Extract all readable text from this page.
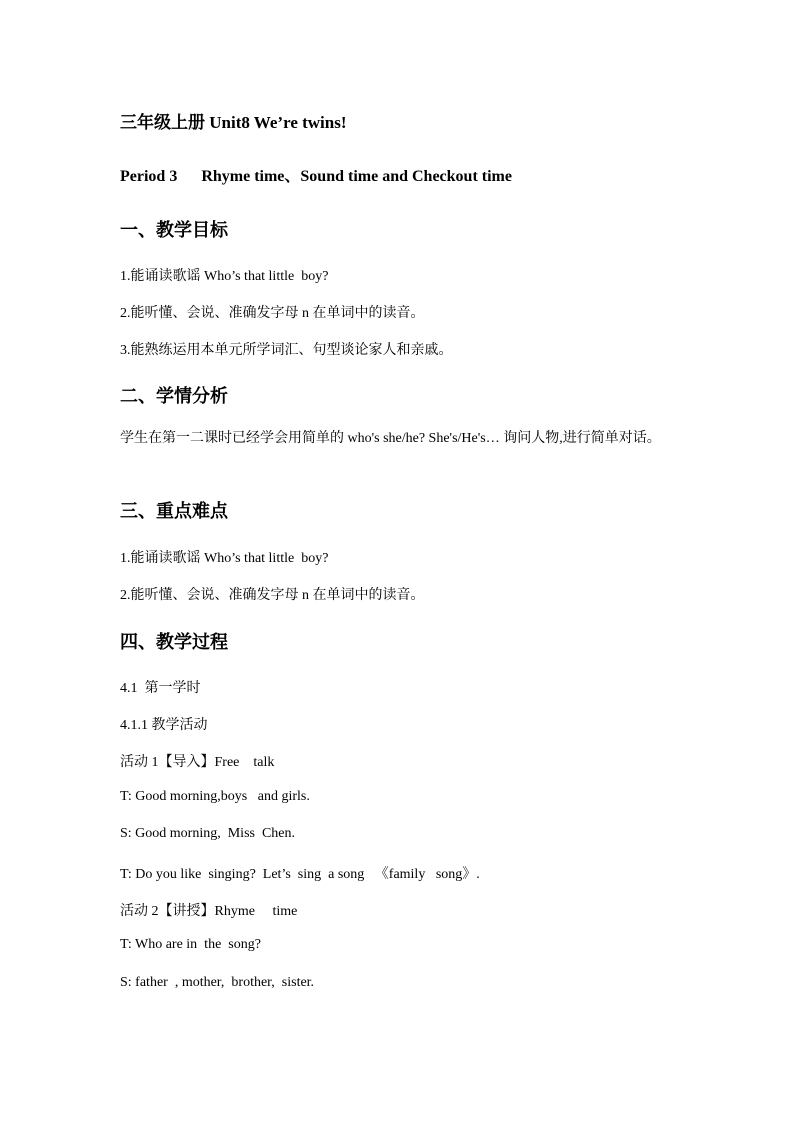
三年级上册 Unit8 We’re twins!
Period 3      Rhyme time、Sound time and Checkout time
一、教学目标
1.能诵读歌谣 Who’s that little  boy?
2.能听懂、会说、准确发字母 n 在单词中的读音。
3.能熟练运用本单元所学词汇、句型谈论家人和亲戚。
二、学情分析
学生在第一二课时已经学会用简单的 who's she/he? She's/He's… 询问人物,进行简单对话。
三、重点难点
1.能诵读歌谣 Who’s that little  boy?
2.能听懂、会说、准确发字母 n 在单词中的读音。
四、教学过程
4.1  第一学时
4.1.1 教学活动
活动 1【导入】Free    talk
T: Good morning,boys   and girls.
S: Good morning,  Miss  Chen.
T: Do you like  singing?  Let’s  sing  a song   《family   song》.
活动 2【讲授】Rhyme     time
T: Who are in  the  song?
S: father  , mother,  brother,  sister.
